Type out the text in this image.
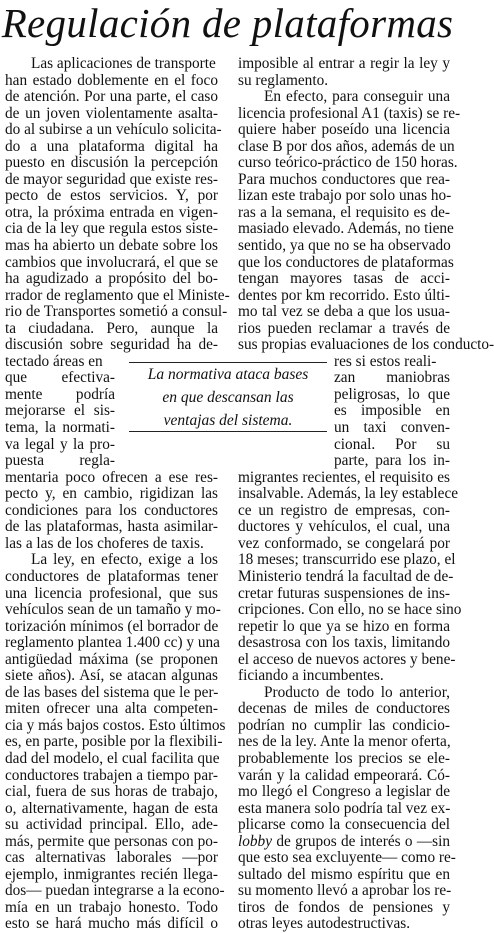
Regulación de plataformas
Las aplicaciones de transporte
han estado doblemente en el foco
de atención. Por una parte, el caso
de un joven violentamente asalta-
do al subirse a un vehículo solicita-
do a una plataforma digital ha
puesto en discusión la percepción
de mayor seguridad que existe res-
pecto de estos servicios. Y, por
otra, la próxima entrada en vigen-
cia de la ley que regula estos siste-
mas ha abierto un debate sobre los
cambios que involucrará, el que se
ha agudizado a propósito del bo-
rrador de reglamento que el Ministe-
rio de Transportes sometió a consul-
ta ciudadana. Pero, aunque la
discusión sobre seguridad ha de-
tectado áreas en
que efectiva-
mente podría
mejorarse el sis-
tema, la normati-
va legal y la pro-
puesta regla-
mentaria poco ofrecen a ese res-
pecto y, en cambio, rigidizan las
condiciones para los conductores
de las plataformas, hasta asimilar-
las a las de los choferes de taxis.
La ley, en efecto, exige a los
conductores de plataformas tener
una licencia profesional, que sus
vehículos sean de un tamaño y mo-
torización mínimos (el borrador de
reglamento plantea 1.400 cc) y una
antigüedad máxima (se proponen
siete años). Así, se atacan algunas
de las bases del sistema que le per-
miten ofrecer una alta competen-
cia y más bajos costos. Esto últimos
es, en parte, posible por la flexibili-
dad del modelo, el cual facilita que
conductores trabajen a tiempo par-
cial, fuera de sus horas de trabajo,
o, alternativamente, hagan de esta
su actividad principal. Ello, ade-
más, permite que personas con po-
cas alternativas laborales —por
ejemplo, inmigrantes recién llega-
dos— puedan integrarse a la econo-
mía en un trabajo honesto. Todo
esto se hará mucho más difícil o
imposible al entrar a regir la ley y
su reglamento.
En efecto, para conseguir una
licencia profesional A1 (taxis) se re-
quiere haber poseído una licencia
clase B por dos años, además de un
curso teórico-práctico de 150 horas.
Para muchos conductores que rea-
lizan este trabajo por solo unas ho-
ras a la semana, el requisito es de-
masiado elevado. Además, no tiene
sentido, ya que no se ha observado
que los conductores de plataformas
tengan mayores tasas de acci-
dentes por km recorrido. Esto últi-
mo tal vez se deba a que los usua-
rios pueden reclamar a través de
sus propias evaluaciones de los conducto-
res si estos reali-
zan maniobras
peligrosas, lo que
es imposible en
un taxi conven-
cional. Por su
parte, para los in-
migrantes recientes, el requisito es
insalvable. Además, la ley establece
ce un registro de empresas, con-
ductores y vehículos, el cual, una
vez conformado, se congelará por
18 meses; transcurrido ese plazo, el
Ministerio tendrá la facultad de de-
cretar futuras suspensiones de ins-
cripciones. Con ello, no se hace sino
repetir lo que ya se hizo en forma
desastrosa con los taxis, limitando
el acceso de nuevos actores y bene-
ficiando a incumbentes.
Producto de todo lo anterior,
decenas de miles de conductores
podrían no cumplir las condicio-
nes de la ley. Ante la menor oferta,
probablemente los precios se ele-
varán y la calidad empeorará. Có-
mo llegó el Congreso a legislar de
esta manera solo podría tal vez ex-
plicarse como la consecuencia del
lobby de grupos de interés o —sin
que esto sea excluyente— como re-
sultado del mismo espíritu que en
su momento llevó a aprobar los re-
tiros de fondos de pensiones y
otras leyes autodestructivas.
La normativa ataca bases
en que descansan las
ventajas del sistema.
